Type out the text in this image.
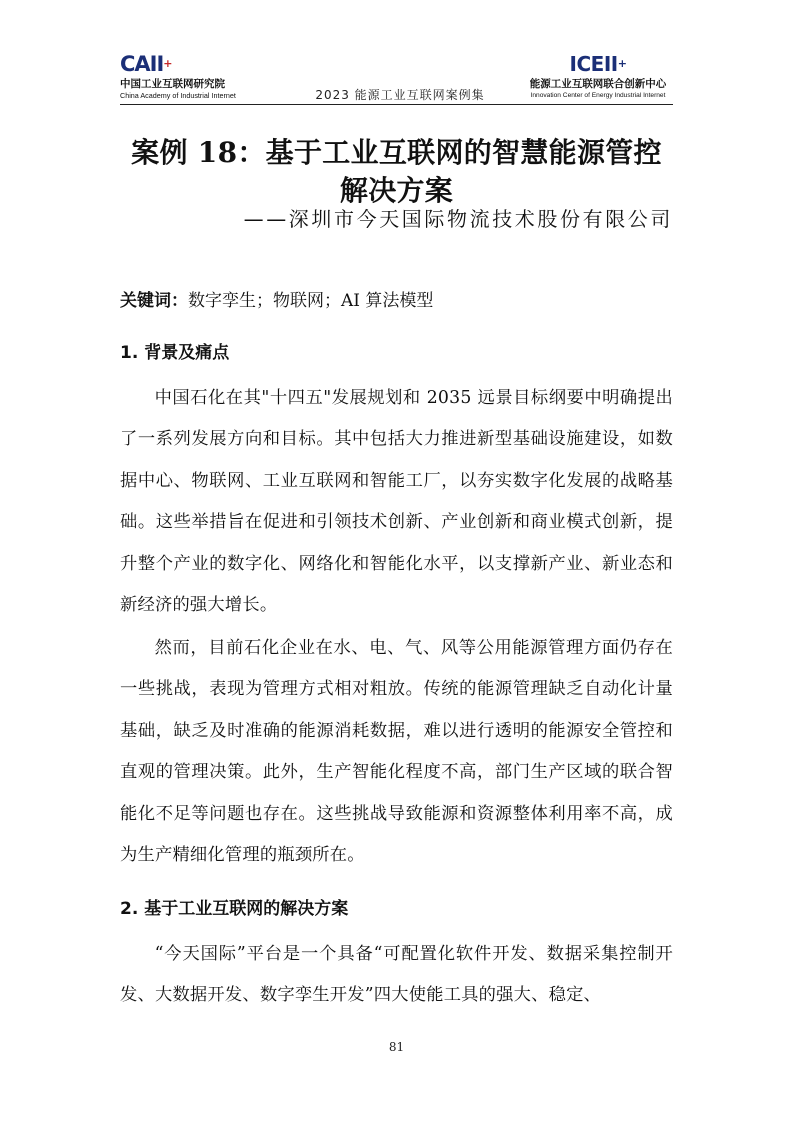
CAII+
中国工业互联网研究院
China Academy of Industrial Internet	2023 能源工业互联网案例集
ICEII+
能源工业互联网联合创新中心
Innovation Center of Energy Industrial Internet
案例 18：基于工业互联网的智慧能源管控解决方案
——深圳市今天国际物流技术股份有限公司
关键词：数字孪生；物联网；AI 算法模型
1. 背景及痛点
中国石化在其"十四五"发展规划和 2035 远景目标纲要中明确提出了一系列发展方向和目标。其中包括大力推进新型基础设施建设，如数据中心、物联网、工业互联网和智能工厂，以夯实数字化发展的战略基础。这些举措旨在促进和引领技术创新、产业创新和商业模式创新，提升整个产业的数字化、网络化和智能化水平，以支撑新产业、新业态和新经济的强大增长。
然而，目前石化企业在水、电、气、风等公用能源管理方面仍存在一些挑战，表现为管理方式相对粗放。传统的能源管理缺乏自动化计量基础，缺乏及时准确的能源消耗数据，难以进行透明的能源安全管控和直观的管理决策。此外，生产智能化程度不高，部门生产区域的联合智能化不足等问题也存在。这些挑战导致能源和资源整体利用率不高，成为生产精细化管理的瓶颈所在。
2. 基于工业互联网的解决方案
“今天国际”平台是一个具备“可配置化软件开发、数据采集控制开发、大数据开发、数字孪生开发”四大使能工具的强大、稳定、
81
